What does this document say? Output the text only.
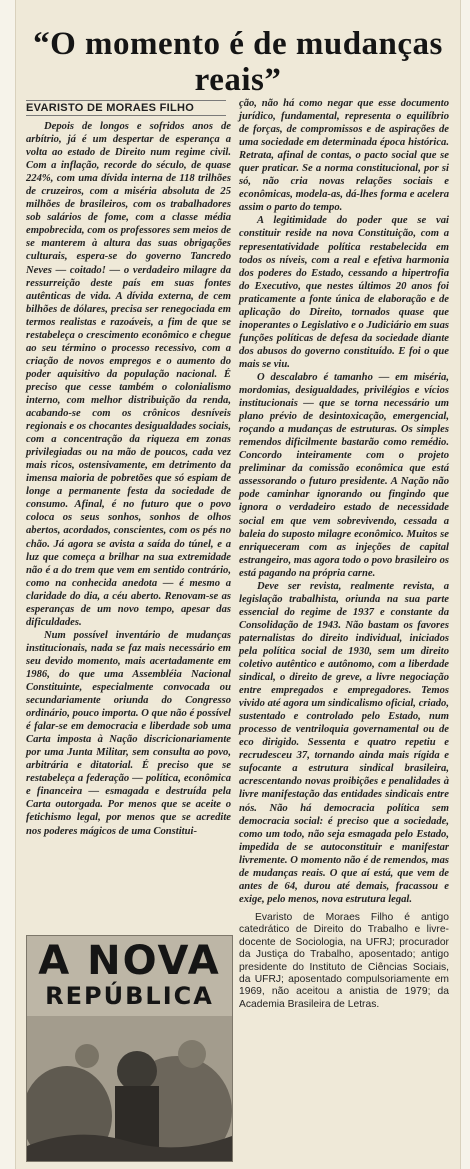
“O momento é de mudanças reais”
EVARISTO DE MORAES FILHO

Depois de longos e sofridos anos de arbítrio, já é um despertar de esperança a volta ao estado de Direito num regime civil. Com a inflação, recorde do século, de quase 224%, com uma dívida interna de 118 trilhões de cruzeiros, com a miséria absoluta de 25 milhões de brasileiros, com os trabalhadores sob salários de fome, com a classe média empobrecida, com os professores sem meios de se manterem à altura das suas obrigações culturais, espera-se do governo Tancredo Neves — coitado! — o verdadeiro milagre da ressurreição deste país em suas fontes autênticas de vida. A dívida externa, de cem bilhões de dólares, precisa ser renegociada em termos realistas e razoáveis, a fim de que se restabeleça o crescimento econômico e chegue ao seu término o processo recessivo, com a criação de novos empregos e o aumento do poder aquisitivo da população nacional. É preciso que cesse também o colonialismo interno, com melhor distribuição da renda, acabando-se com os crônicos desníveis regionais e os chocantes desigualdades sociais, com a concentração da riqueza em zonas privilegiadas ou na mão de poucos, cada vez mais ricos, ostensivamente, em detrimento da imensa maioria de pobretões que só espiam de longe a permanente festa da sociedade de consumo. Afinal, é no futuro que o povo coloca os seus sonhos, sonhos de olhos abertos, acordados, conscientes, com os pés no chão. Já agora se avista a saída do túnel, e a luz que começa a brilhar na sua extremidade não é a do trem que vem em sentido contrário, como na conhecida anedota — é mesmo a claridade do dia, a céu aberto. Renovam-se as esperanças de um novo tempo, apesar das dificuldades.

Num possível inventário de mudanças institucionais, nada se faz mais necessário em seu devido momento, mais acertadamente em 1986, do que uma Assembléia Nacional Constituinte, especialmente convocada ou secundariamente oriunda do Congresso ordinário, pouco importa. O que não é possível é falar-se em democracia e liberdade sob uma Carta imposta à Nação discricionariamente por uma Junta Militar, sem consulta ao povo, arbitrária e ditatorial. É preciso que se restabeleça a federação — política, econômica e financeira — esmagada e destruída pela Carta outorgada. Por menos que se aceite o fetichismo legal, por menos que se acredite nos poderes mágicos de uma Constitui-

ção, não há como negar que esse documento jurídico, fundamental, representa o equilíbrio de forças, de compromissos e de aspirações de uma sociedade em determinada época histórica. Retrata, afinal de contas, o pacto social que se quer praticar. Se a norma constitucional, por si só, não cria novas relações sociais e econômicas, modela-as, dá-lhes forma e acelera assim o parto do tempo.

A legitimidade do poder que se vai constituir reside na nova Constituição, com a representatividade política restabelecida em todos os níveis, com a real e efetiva harmonia dos poderes do Estado, cessando a hipertrofia do Executivo, que nestes últimos 20 anos foi praticamente a fonte única de elaboração e de aplicação do Direito, tornados quase que inoperantes o Legislativo e o Judiciário em suas funções políticas de defesa da sociedade diante dos abusos do governo constituído. E foi o que mais se viu.

O descalabro é tamanho — em miséria, mordomias, desigualdades, privilégios e vícios institucionais — que se torna necessário um plano prévio de desintoxicação, emergencial, roçando a mudanças de estruturas. Os simples remendos dificilmente bastarão como remédio. Concordo inteiramente com o projeto preliminar da comissão econômica que está assessorando o futuro presidente. A Nação não pode caminhar ignorando ou fingindo que ignora o verdadeiro estado de necessidade social em que vem sobrevivendo, cessada a baleia do suposto milagre econômico. Muitos se enriqueceram com as injeções de capital estrangeiro, mas agora todo o povo brasileiro os está pagando na própria carne.

Deve ser revista, realmente revista, a legislação trabalhista, oriunda na sua parte essencial do regime de 1937 e constante da Consolidação de 1943. Não bastam os favores paternalistas do direito individual, iniciados pela política social de 1930, sem um direito coletivo autêntico e autônomo, com a liberdade sindical, o direito de greve, a livre negociação entre empregados e empregadores. Temos vivido até agora um sindicalismo oficial, criado, sustentado e controlado pelo Estado, num processo de ventriloquia governamental ou de eco dirigido. Sessenta e quatro repetiu e recrudesceu 37, tornando ainda mais rígida e sufocante a estrutura sindical brasileira, acrescentando novas proibições e penalidades à livre manifestação das entidades sindicais entre nós. Não há democracia política sem democracia social: é preciso que a sociedade, como um todo, não seja esmagada pelo Estado, impedida de se autoconstituir e manifestar livremente. O momento não é de remendos, mas de mudanças reais. O que aí está, que vem de antes de 64, durou até demais, fracassou e exige, pelo menos, nova estrutura legal.

Evaristo de Moraes Filho é antigo catedrático de Direito do Trabalho e livre-docente de Sociologia, na UFRJ; procurador da Justiça do Trabalho, aposentado; antigo presidente do Instituto de Ciências Sociais, da UFRJ; aposentado compulsoriamente em 1969, não aceitou a anistia de 1979; da Academia Brasileira de Letras.

A NOVA
REPÚBLICA
